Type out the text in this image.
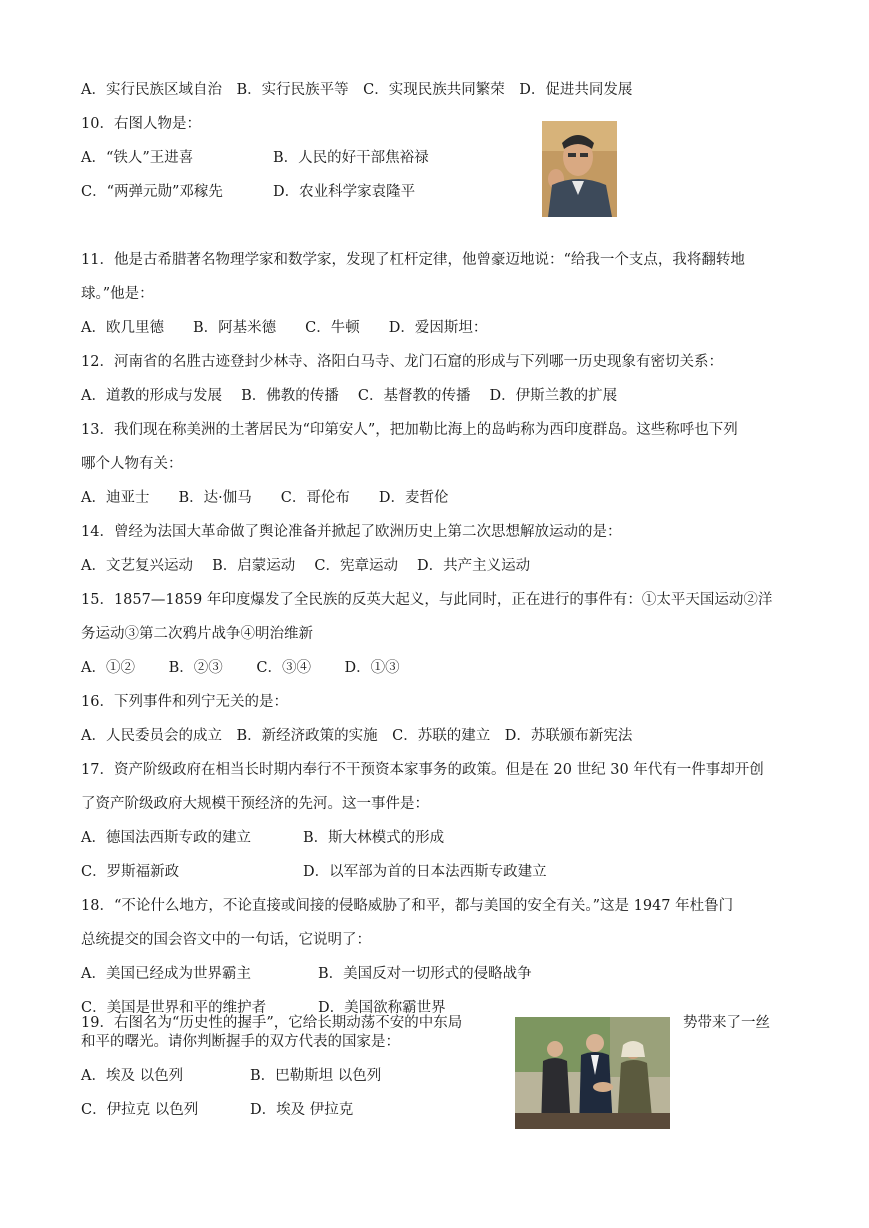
A．实行民族区域自治　B．实行民族平等　C．实现民族共同繁荣　D．促进共同发展
10．右图人物是：
11．他是古希腊著名物理学家和数学家，发现了杠杆定律，他曾豪迈地说：“给我一个支点，我将翻转地
球。”他是：
A．欧几里德　　B．阿基米德　　C．牛顿　　D．爱因斯坦：
12．河南省的名胜古迹登封少林寺、洛阳白马寺、龙门石窟的形成与下列哪一历史现象有密切关系：
A．道教的形成与发展　 B．佛教的传播　 C．基督教的传播　 D．伊斯兰教的扩展
13．我们现在称美洲的土著居民为“印第安人”，把加勒比海上的岛屿称为西印度群岛。这些称呼也下列
哪个人物有关：
A．迪亚士　　B．达·伽马　　C．哥伦布　　D．麦哲伦
14．曾经为法国大革命做了舆论准备并掀起了欧洲历史上第二次思想解放运动的是：
A．文艺复兴运动　 B．启蒙运动　 C．宪章运动　 D．共产主义运动
15．1857—1859 年印度爆发了全民族的反英大起义，与此同时，正在进行的事件有：①太平天国运动②洋
务运动③第二次鸦片战争④明治维新
A．①②　　 B．②③　　 C．③④　　 D．①③
16．下列事件和列宁无关的是：
A．人民委员会的成立　B．新经济政策的实施　C．苏联的建立　D．苏联颁布新宪法
17．资产阶级政府在相当长时期内奉行不干预资本家事务的政策。但是在 20 世纪 30 年代有一件事却开创
了资产阶级政府大规模干预经济的先河。这一事件是：
18．“不论什么地方，不论直接或间接的侵略威胁了和平，都与美国的安全有关。”这是 1947 年杜鲁门
总统提交的国会咨文中的一句话，它说明了：
和平的曙光。请你判断握手的双方代表的国家是：
A．“铁人”王进喜	B．人民的好干部焦裕禄
C．“两弹元勋”邓稼先	D．农业科学家袁隆平
A．德国法西斯专政的建立	B．斯大林模式的形成
C．罗斯福新政	D．以军部为首的日本法西斯专政建立
A．美国已经成为世界霸主	B．美国反对一切形式的侵略战争
C．美国是世界和平的维护者	D．美国欲称霸世界
A．埃及 以色列	B．巴勒斯坦 以色列
C．伊拉克 以色列	D．埃及 伊拉克
19．右图名为“历史性的握手”，它给长期动荡不安的中东局	势带来了一丝
